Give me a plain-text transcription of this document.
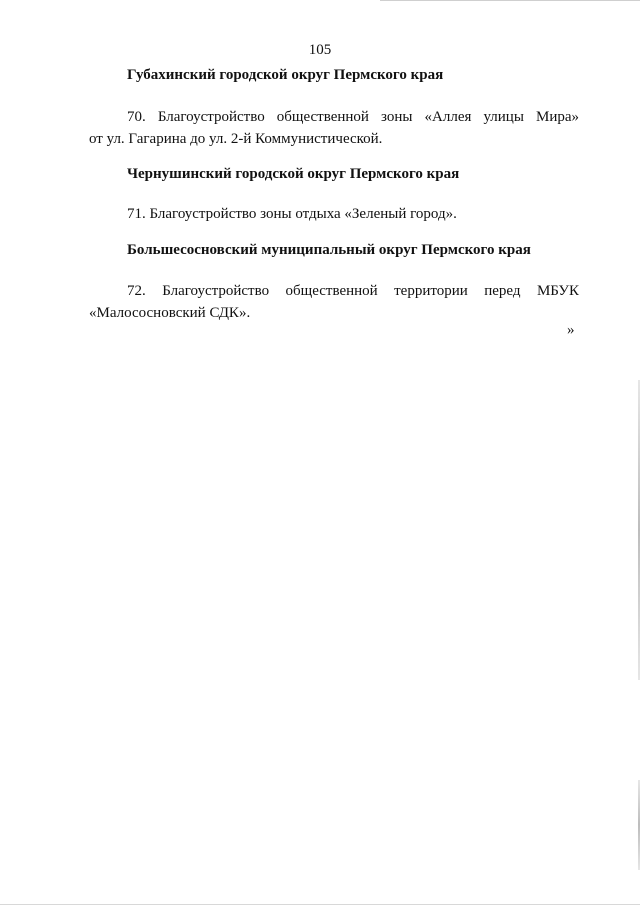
105
Губахинский городской округ Пермского края
70. Благоустройство общественной зоны «Аллея улицы Мира»
от ул. Гагарина до ул. 2-й Коммунистической.
Чернушинский городской округ Пермского края
71. Благоустройство зоны отдыха «Зеленый город».
Большесосновский муниципальный округ Пермского края
72. Благоустройство общественной территории перед МБУК
«Малососновский СДК».
»
